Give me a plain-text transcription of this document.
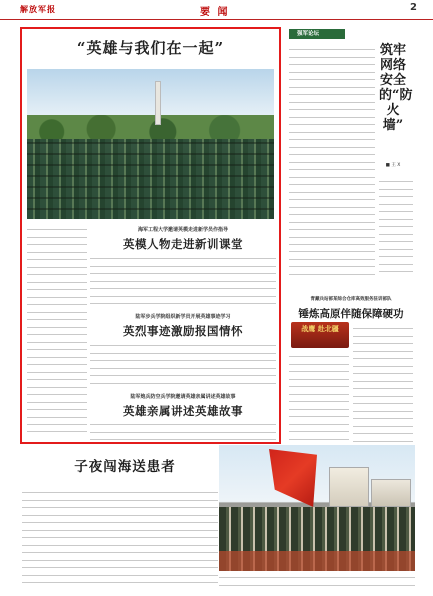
解放军报	要 闻	2
“英雄与我们在一起”
海军工程大学邀请英模走进新学员作指导
英模人物走进新训课堂
陆军步兵学院组织新学员开展英雄事迹学习
英烈事迹激励报国情怀
陆军炮兵防空兵学院邀请英雄亲属讲述英雄故事
英雄亲属讲述英雄故事
强军论坛
筑牢网络安全的“防火墙”
■ 王 X
青藏兵站部某综合仓库高效服务驻训部队
锤炼高原伴随保障硬功
战鹰 赴北疆
子夜闯海送患者
